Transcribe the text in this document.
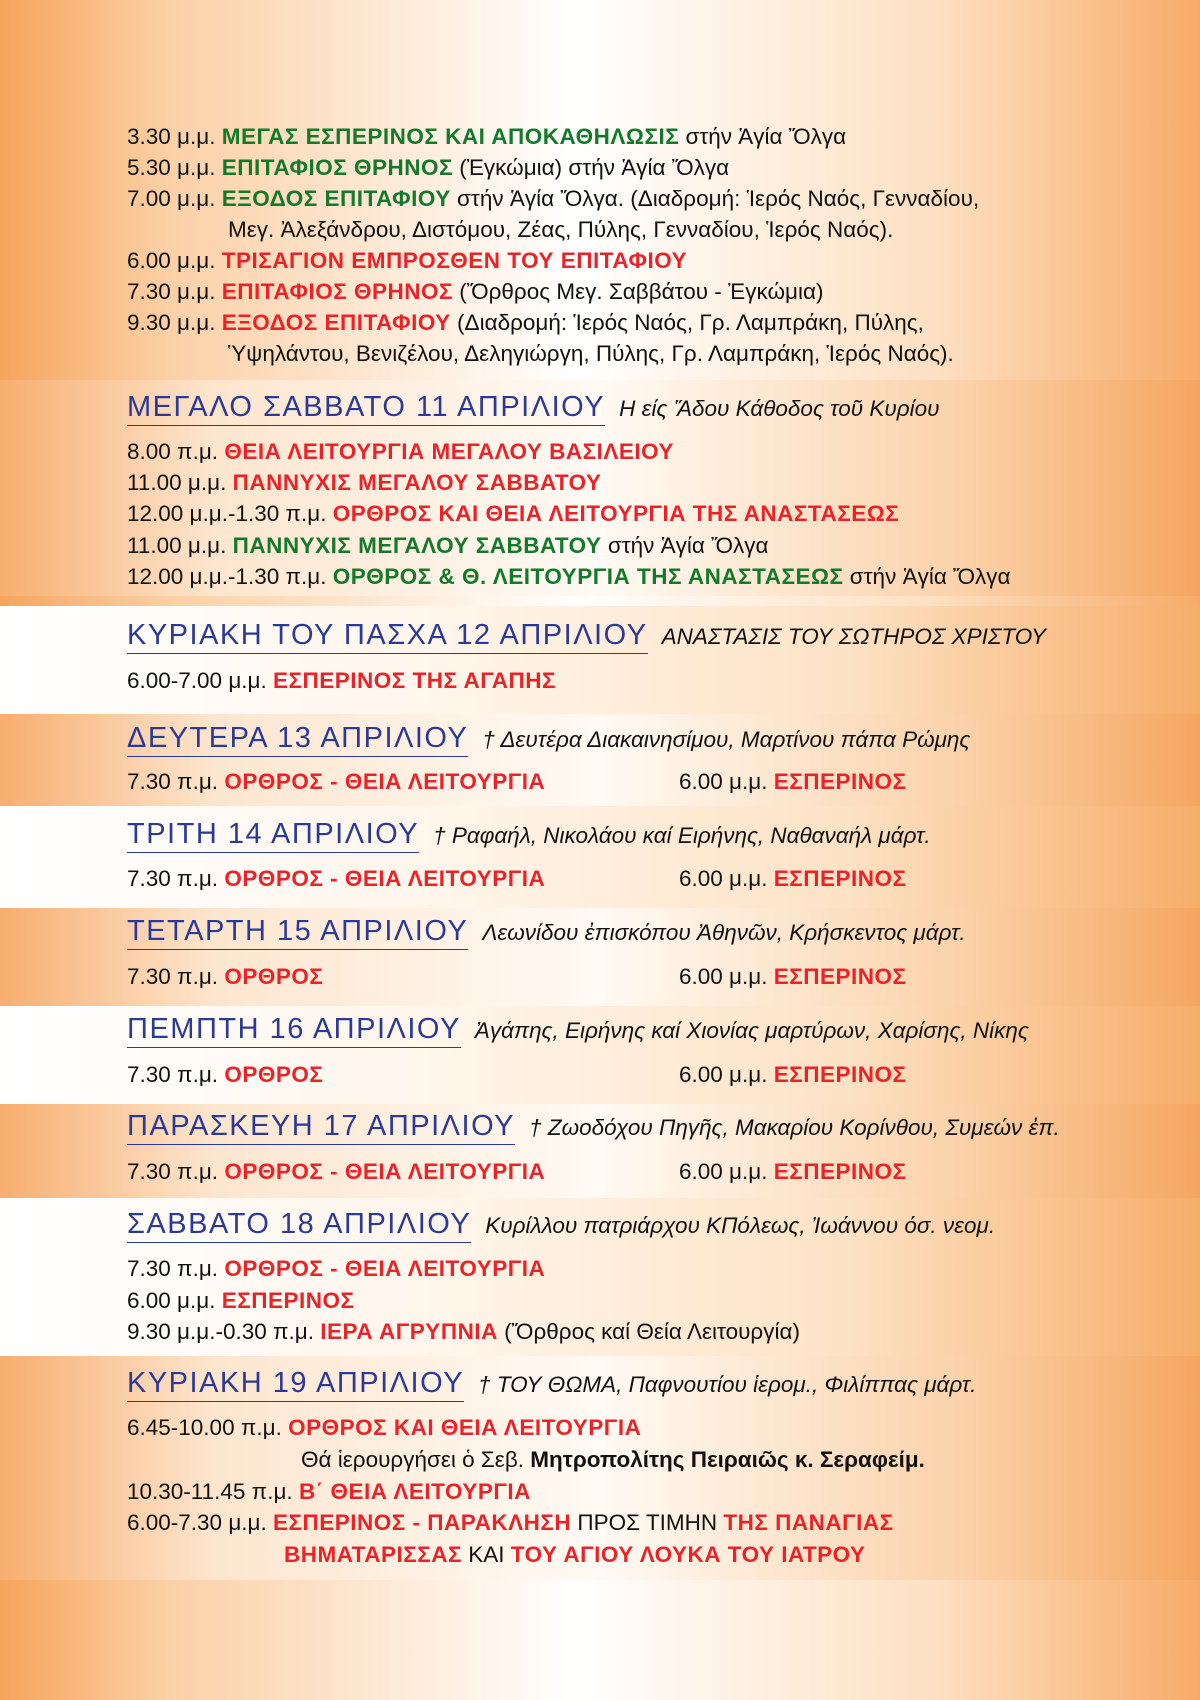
3.30 μ.μ. ΜΕΓΑΣ ΕΣΠΕΡΙΝΟΣ ΚΑΙ ΑΠΟΚΑΘΗΛΩΣΙΣ στήν Ἁγία Ὄλγα
5.30 μ.μ. ΕΠΙΤΑΦΙΟΣ ΘΡΗΝΟΣ (Ἐγκώμια) στήν Ἁγία Ὄλγα
7.00 μ.μ. ΕΞΟΔΟΣ ΕΠΙΤΑΦΙΟΥ στήν Ἁγία Ὄλγα. (Διαδρομή: Ἱερός Ναός, Γενναδίου,
Μεγ. Ἀλεξάνδρου, Διστόμου, Ζέας, Πύλης, Γενναδίου, Ἱερός Ναός).
6.00 μ.μ. ΤΡΙΣΑΓΙΟΝ ΕΜΠΡΟΣΘΕΝ ΤΟΥ ΕΠΙΤΑΦΙΟΥ
7.30 μ.μ. ΕΠΙΤΑΦΙΟΣ ΘΡΗΝΟΣ (Ὄρθρος Μεγ. Σαββάτου - Ἐγκώμια)
9.30 μ.μ. ΕΞΟΔΟΣ ΕΠΙΤΑΦΙΟΥ (Διαδρομή: Ἱερός Ναός, Γρ. Λαμπράκη, Πύλης,
Ὑψηλάντου, Βενιζέλου, Δεληγιώργη, Πύλης, Γρ. Λαμπράκη, Ἱερός Ναός).
ΜΕΓΑΛΟ ΣΑΒΒΑΤΟ 11 ΑΠΡΙΛΙΟΥ Η είς Ἅδου Κάθοδος τοῦ Κυρίου
8.00 π.μ. ΘΕΙΑ ΛΕΙΤΟΥΡΓΙΑ ΜΕΓΑΛΟΥ ΒΑΣΙΛΕΙΟΥ
11.00 μ.μ. ΠΑΝΝΥΧΙΣ ΜΕΓΑΛΟΥ ΣΑΒΒΑΤΟΥ
12.00 μ.μ.-1.30 π.μ. ΟΡΘΡΟΣ ΚΑΙ ΘΕΙΑ ΛΕΙΤΟΥΡΓΙΑ ΤΗΣ ΑΝΑΣΤΑΣΕΩΣ
11.00 μ.μ. ΠΑΝΝΥΧΙΣ ΜΕΓΑΛΟΥ ΣΑΒΒΑΤΟΥ στήν Ἁγία Ὄλγα
12.00 μ.μ.-1.30 π.μ. ΟΡΘΡΟΣ & Θ. ΛΕΙΤΟΥΡΓΙΑ ΤΗΣ ΑΝΑΣΤΑΣΕΩΣ στήν Ἁγία Ὄλγα
ΚΥΡΙΑΚΗ ΤΟΥ ΠΑΣΧΑ 12 ΑΠΡΙΛΙΟΥ ΑΝΑΣΤΑΣΙΣ ΤΟΥ ΣΩΤΗΡΟΣ ΧΡΙΣΤΟΥ
6.00-7.00 μ.μ. ΕΣΠΕΡΙΝΟΣ ΤΗΣ ΑΓΑΠΗΣ
ΔΕΥΤΕΡΑ 13 ΑΠΡΙΛΙΟΥ † Δευτέρα Διακαινησίμου, Μαρτίνου πάπα Ρώμης
7.30 π.μ. ΟΡΘΡΟΣ - ΘΕΙΑ ΛΕΙΤΟΥΡΓΙΑ	6.00 μ.μ. ΕΣΠΕΡΙΝΟΣ
ΤΡΙΤΗ 14 ΑΠΡΙΛΙΟΥ † Ραφαήλ, Νικολάου καί Ειρήνης, Ναθαναήλ μάρτ.
7.30 π.μ. ΟΡΘΡΟΣ - ΘΕΙΑ ΛΕΙΤΟΥΡΓΙΑ	6.00 μ.μ. ΕΣΠΕΡΙΝΟΣ
ΤΕΤΑΡΤΗ 15 ΑΠΡΙΛΙΟΥ Λεωνίδου ἐπισκόπου Ἀθηνῶν, Κρήσκεντος μάρτ.
7.30 π.μ. ΟΡΘΡΟΣ	6.00 μ.μ. ΕΣΠΕΡΙΝΟΣ
ΠΕΜΠΤΗ 16 ΑΠΡΙΛΙΟΥ Ἀγάπης, Ειρήνης καί Χιονίας μαρτύρων, Χαρίσης, Νίκης
7.30 π.μ. ΟΡΘΡΟΣ	6.00 μ.μ. ΕΣΠΕΡΙΝΟΣ
ΠΑΡΑΣΚΕΥΗ 17 ΑΠΡΙΛΙΟΥ † Ζωοδόχου Πηγῆς, Μακαρίου Κορίνθου, Συμεών ἐπ.
7.30 π.μ. ΟΡΘΡΟΣ - ΘΕΙΑ ΛΕΙΤΟΥΡΓΙΑ	6.00 μ.μ. ΕΣΠΕΡΙΝΟΣ
ΣΑΒΒΑΤΟ 18 ΑΠΡΙΛΙΟΥ Κυρίλλου πατριάρχου ΚΠόλεως, Ἰωάννου όσ. νεομ.
7.30 π.μ. ΟΡΘΡΟΣ - ΘΕΙΑ ΛΕΙΤΟΥΡΓΙΑ
6.00 μ.μ. ΕΣΠΕΡΙΝΟΣ
9.30 μ.μ.-0.30 π.μ. ΙΕΡΑ ΑΓΡΥΠΝΙΑ (Ὄρθρος καί Θεία Λειτουργία)
ΚΥΡΙΑΚΗ 19 ΑΠΡΙΛΙΟΥ † ΤΟΥ ΘΩΜΑ, Παφνουτίου ἱερομ., Φιλίππας μάρτ.
6.45-10.00 π.μ. ΟΡΘΡΟΣ ΚΑΙ ΘΕΙΑ ΛΕΙΤΟΥΡΓΙΑ
Θά ἱερουργήσει ὁ Σεβ. Μητροπολίτης Πειραιῶς κ. Σεραφείμ.
10.30-11.45 π.μ. Β΄ ΘΕΙΑ ΛΕΙΤΟΥΡΓΙΑ
6.00-7.30 μ.μ. ΕΣΠΕΡΙΝΟΣ - ΠΑΡΑΚΛΗΣΗ ΠΡΟΣ ΤΙΜΗΝ ΤΗΣ ΠΑΝΑΓΙΑΣ
ΒΗΜΑΤΑΡΙΣΣΑΣ ΚΑΙ ΤΟΥ ΑΓΙΟΥ ΛΟΥΚΑ ΤΟΥ ΙΑΤΡΟΥ
